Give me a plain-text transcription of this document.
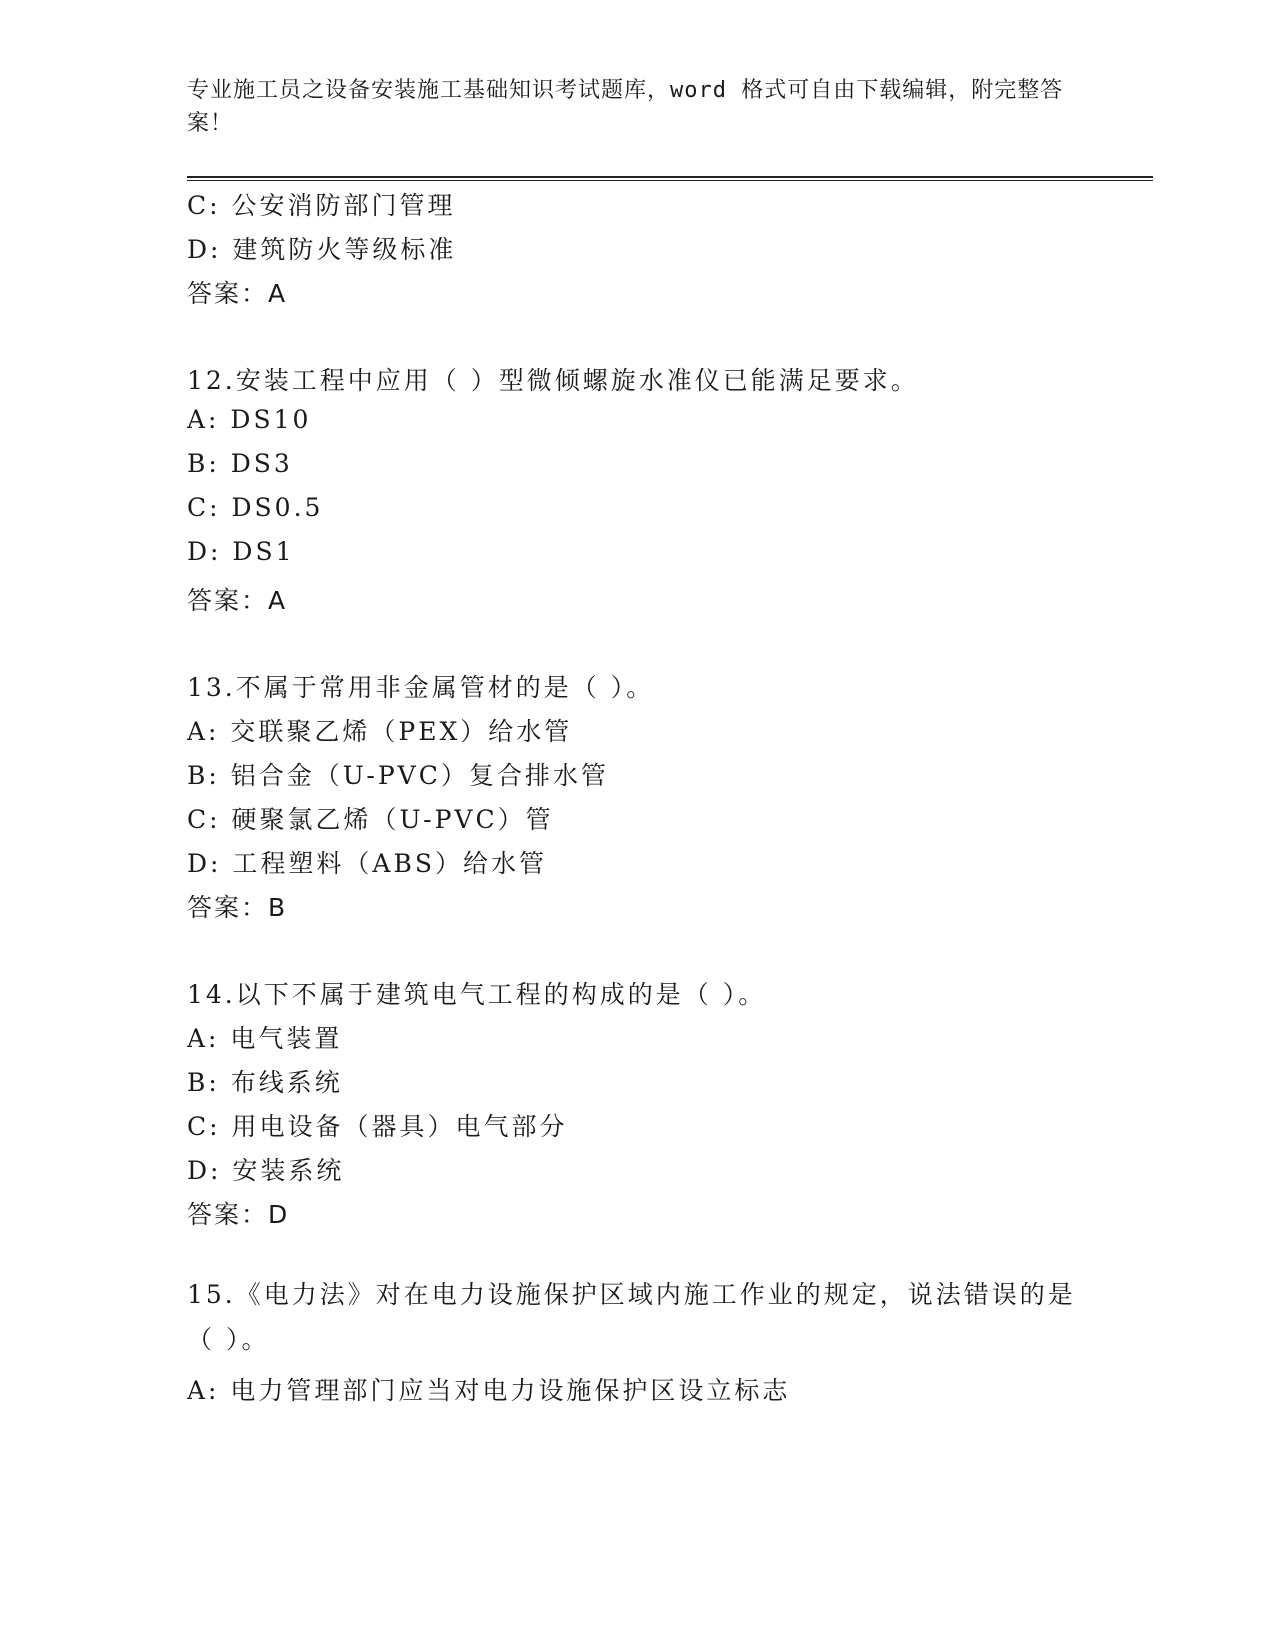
专业施工员之设备安装施工基础知识考试题库，word 格式可自由下载编辑，附完整答案！
C: 公安消防部门管理
D: 建筑防火等级标准
答案：A
12.安装工程中应用（ ）型微倾螺旋水准仪已能满足要求。
A: DS10
B: DS3
C: DS0.5
D: DS1
答案：A
13.不属于常用非金属管材的是（ ）。
A: 交联聚乙烯（PEX）给水管
B: 铝合金（U-PVC）复合排水管
C: 硬聚氯乙烯（U-PVC）管
D: 工程塑料（ABS）给水管
答案：B
14.以下不属于建筑电气工程的构成的是（ ）。
A: 电气装置
B: 布线系统
C: 用电设备（器具）电气部分
D: 安装系统
答案：D
15.《电力法》对在电力设施保护区域内施工作业的规定，说法错误的是（ ）。
A: 电力管理部门应当对电力设施保护区设立标志
